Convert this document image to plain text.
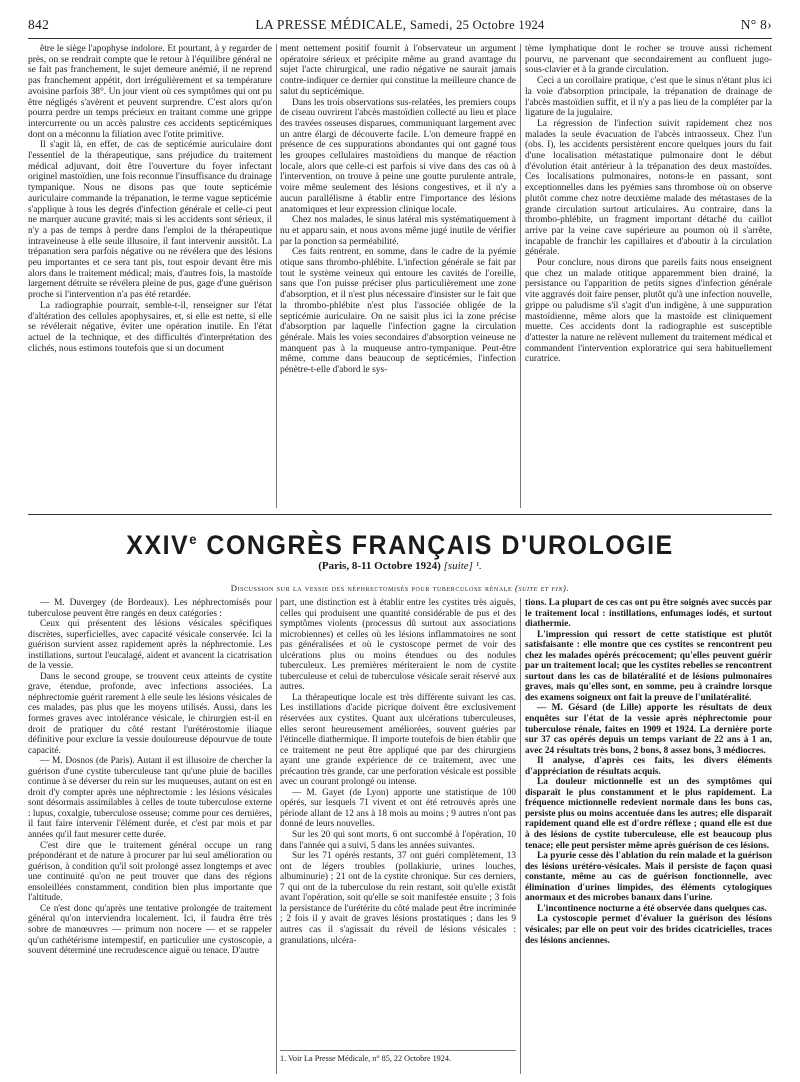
842	LA PRESSE MÉDICALE, Samedi, 25 Octobre 1924	N° 8›

être le siège l'apophyse indolore. Et pourtant, à y regarder de près, on se rendrait compte que le retour à l'équilibre général ne se fait pas franchement, le sujet demeure anémié, il ne reprend pas franchement appétit, dort irrégulièrement et sa température avoisine parfois 38°. Un jour vient où ces symptômes qui ont pu être négligés s'avèrent et peuvent surprendre. C'est alors qu'on pourra perdre un temps précieux en traitant comme une grippe intercurrente ou un accès palustre ces accidents septicémiques dont on a méconnu la filiation avec l'otite primitive.

Il s'agit là, en effet, de cas de septicémie auriculaire dont l'essentiel de la thérapeutique, sans préjudice du traitement médical adjuvant, doit être l'ouverture du foyer infectant originel mastoïdien, une fois reconnue l'insuffisance du drainage tympanique. Nous ne disons pas que toute septicémie auriculaire commande la trépanation, le terme vague septicémie s'applique à tous les degrés d'infection générale et celle-ci peut ne marquer aucune gravité; mais si les accidents sont sérieux, il n'y a pas de temps à perdre dans l'emploi de la thérapeutique intraveineuse à elle seule illusoire, il faut intervenir aussitôt. La trépanation sera parfois négative ou ne révélera que des lésions peu importantes et ce sera tant pis, tout espoir devant être mis alors dans le traitement médical; mais, d'autres fois, la mastoïde largement détruite se révélera pleine de pus, gage d'une guérison proche si l'intervention n'a pas été retardée.

La radiographie pourrait, semble-t-il, renseigner sur l'état d'altération des cellules apophysaires, et, si elle est nette, si elle se révélerait négative, éviter une opération inutile. En l'état actuel de la technique, et des difficultés d'interprétation des clichés, nous estimons toutefois que si un document

ment nettement positif fournit à l'observateur un argument opératoire sérieux et précipite même au grand avantage du sujet l'acte chirurgical, une radio négative ne saurait jamais contre-indiquer ce dernier qui constitue la meilleure chance de salut du septicémique.

Dans les trois observations sus-relatées, les premiers coups de ciseau ouvrirent l'abcès mastoïdien collecté au lieu et place des travées osseuses disparues, communiquant largement avec un antre élargi de découverte facile. L'on demeure frappé en présence de ces suppurations abondantes qui ont gagné tous les groupes cellulaires mastoïdiens du manque de réaction locale, alors que celle-ci est parfois si vive dans des cas où à l'intervention, on trouve à peine une goutte purulente antrale, voire même seulement des lésions congestives, et il n'y a aucun parallélisme à établir entre l'importance des lésions anatomiques et leur expression clinique locale.

Chez nos malades, le sinus latéral mis systématiquement à nu et apparu sain, et nous avons même jugé inutile de vérifier par la ponction sa perméabilité.

Ces faits rentrent, en somme, dans le cadre de la pyémie otique sans thrombo-phlébite. L'infection générale se fait par tout le système veineux qui entoure les cavités de l'oreille, sans que l'on puisse préciser plus particulièrement une zone d'absorption, et il n'est plus nécessaire d'insister sur le fait que la thrombo-phlébite n'est plus l'associée obligée de la septicémie auriculaire. On ne saisit plus ici la zone précise d'absorption par laquelle l'infection gagne la circulation générale. Mais les voies secondaires d'absorption veineuse ne manquent pas à la muqueuse antro-tympanique. Peut-être même, comme dans beaucoup de septicémies, l'infection pénètre-t-elle d'abord le sys-

tème lymphatique dont le rocher se trouve aussi richement pourvu, ne parvenant que secondairement au confluent jugo-sous-clavier et à la grande circulation.

Ceci a un corollaire pratique, c'est que le sinus n'étant plus ici la voie d'absorption principale, la trépanation de drainage de l'abcès mastoïdien suffit, et il n'y a pas lieu de la compléter par la ligature de la jugulaire.

La régression de l'infection suivit rapidement chez nos malades la seule évacuation de l'abcès intraosseux. Chez l'un (obs. I), les accidents persistèrent encore quelques jours du fait d'une localisation métastatique pulmonaire dont le début d'évolution était antérieur à la trépanation des deux mastoïdes. Ces localisations pulmonaires, notons-le en passant, sont exceptionnelles dans les pyémies sans thrombose où on observe plutôt comme chez notre deuxième malade des métastases de la grande circulation surtout articulaires. Au contraire, dans la thrombo-phlébite, un fragment important détaché du caillot arrive par la veine cave supérieure au poumon où il s'arrête, incapable de franchir les capillaires et d'aboutir à la circulation générale.

Pour conclure, nous dirons que pareils faits nous enseignent que chez un malade otitique apparemment bien drainé, la persistance ou l'apparition de petits signes d'infection générale vite aggravés doit faire penser, plutôt qu'à une infection nouvelle, grippe ou paludisme s'il s'agit d'un indigène, à une suppuration mastoïdienne, même alors que la mastoïde est cliniquement muette. Ces accidents dont la radiographie est susceptible d'attester la nature ne relèvent nullement du traitement médical et commandent l'intervention exploratrice qui sera habituellement curatrice.

XXIVe CONGRÈS FRANÇAIS D'UROLOGIE
(Paris, 8-11 Octobre 1924) [suite] ¹.
Discussion sur la vessie des néphrectomisés pour tuberculose rénale (suite et fin).

— M. Duvergey (de Bordeaux). Les néphrectomisés pour tuberculose peuvent être rangés en deux catégories :

Ceux qui présentent des lésions vésicales spécifiques discrètes, superficielles, avec capacité vésicale conservée. Ici la guérison survient assez rapidement après la néphrectomie. Les instillations, surtout l'eucalagé, aident et avancent la cicatrisation de la vessie.

Dans le second groupe, se trouvent ceux atteints de cystite grave, étendue, profonde, avec infections associées. La néphrectomie guérit rarement à elle seule les lésions vésicales de ces malades, pas plus que les moyens utilisés. Aussi, dans les formes graves avec intolérance vésicale, le chirurgien est-il en droit de pratiquer du côté restant l'urétérostomie iliaque définitive pour exclure la vessie douloureuse dépourvue de toute capacité.

— M. Dosnos (de Paris). Autant il est illusoire de chercher la guérison d'une cystite tuberculeuse tant qu'une pluie de bacilles continue à se déverser du rein sur les muqueuses, autant on est en droit d'y compter après une néphrectomie : les lésions vésicales sont désormais assimilables à celles de toute tuberculose externe : lupus, coxalgie, tuberculose osseuse; comme pour ces dernières, il faut faire intervenir l'élément durée, et c'est par mois et par années qu'il faut mesurer cette durée.

C'est dire que le traitement général occupe un rang prépondérant et de nature à procurer par lui seul amélioration ou guérison, à condition qu'il soit prolongé assez longtemps et avec une continuité qu'on ne peut trouver que dans des régions ensoleillées constamment, condition bien plus importante que l'altitude.

Ce n'est donc qu'après une tentative prolongée de traitement général qu'on interviendra localement. Ici, il faudra être très sobre de manœuvres — primum non nocere — et se rappeler qu'un cathétérisme intempestif, en particulier une cystoscopie, a souvent déterminé une recrudescence aiguë ou tenace. D'autre

part, une distinction est à établir entre les cystites très aiguës, celles qui produisent une quantité considérable de pus et des symptômes violents (processus dû surtout aux associations microbiennes) et celles où les lésions inflammatoires ne sont pas généralisées et où le cystoscope permet de voir des ulcérations plus ou moins étendues ou des nodules tuberculeux. Les premières mériteraient le nom de cystite tuberculeuse et celui de tuberculose vésicale serait réservé aux autres.

La thérapeutique locale est très différente suivant les cas. Les instillations d'acide picrique doivent être exclusivement réservées aux cystites. Quant aux ulcérations tuberculeuses, elles seront heureusement améliorées, souvent guéries par l'étincelle diathermique. Il importe toutefois de bien établir que ce traitement ne peut être appliqué que par des chirurgiens ayant une grande expérience de ce traitement, avec une précaution très grande, car une perforation vésicale est possible avec un courant prolongé ou intense.

— M. Gayet (de Lyon) apporte une statistique de 100 opérés, sur lesquels 71 vivent et ont été retrouvés après une période allant de 12 ans à 18 mois au moins ; 9 autres n'ont pas donné de leurs nouvelles.

Sur les 20 qui sont morts, 6 ont succombé à l'opération, 10 dans l'année qui a suivi, 5 dans les années suivantes.

Sur les 71 opérés restants, 37 ont guéri complètement, 13 ont de légers troubles (pollakiurie, urines louches, albuminurie) ; 21 ont de la cystite chronique. Sur ces derniers, 7 qui ont de la tuberculose du rein restant, soit qu'elle existât avant l'opération, soit qu'elle se soit manifestée ensuite ; 3 fois la persistance de l'urétérite du côté malade peut être incriminée ; 2 fois il y avait de graves lésions prostatiques ; dans les 9 autres cas il s'agissait du réveil de lésions vésicales : granulations, ulcéra-

tions. La plupart de ces cas ont pu être soignés avec succès par le traitement local : instillations, enfumages iodés, et surtout diathermie.

L'impression qui ressort de cette statistique est plutôt satisfaisante : elle montre que ces cystites se rencontrent peu chez les malades opérés précocement; qu'elles peuvent guérir par un traitement local; que les cystites rebelles se rencontrent surtout dans les cas de bilatéralité et de lésions pulmonaires graves, mais qu'elles sont, en somme, peu à craindre lorsque des examens soigneux ont fait la preuve de l'unilatéralité.

— M. Gésard (de Lille) apporte les résultats de deux enquêtes sur l'état de la vessie après néphrectomie pour tuberculose rénale, faites en 1909 et 1924. La dernière porte sur 37 cas opérés depuis un temps variant de 22 ans à 1 an, avec 24 résultats très bons, 2 bons, 8 assez bons, 3 médiocres.

Il analyse, d'après ces faits, les divers éléments d'appréciation de résultats acquis.

La douleur mictionnelle est un des symptômes qui disparaît le plus constamment et le plus rapidement. La fréquence mictionnelle redevient normale dans les bons cas, persiste plus ou moins accentuée dans les autres; elle disparaît rapidement quand elle est d'ordre réflexe ; quand elle est due à des lésions de cystite tuberculeuse, elle est beaucoup plus tenace; elle peut persister même après guérison de ces lésions.

La pyurie cesse dès l'ablation du rein malade et la guérison des lésions urétéro-vésicales. Mais il persiste de façon quasi constante, même au cas de guérison fonctionnelle, avec élimination d'urines limpides, des éléments cytologiques anormaux et des microbes banaux dans l'urine.

L'incontinence nocturne a été observée dans quelques cas.

La cystoscopie permet d'évaluer la guérison des lésions vésicales; par elle on peut voir des brides cicatricielles, traces des lésions anciennes.

1. Voir La Presse Médicale, n° 85, 22 Octobre 1924.
